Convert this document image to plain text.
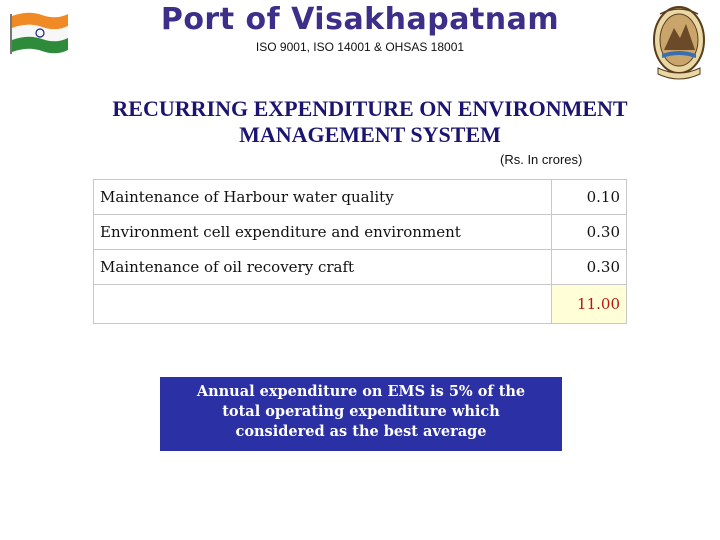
Port of Visakhapatnam
ISO 9001, ISO 14001 & OHSAS 18001
RECURRING EXPENDITURE ON ENVIRONMENT
MANAGEMENT SYSTEM
(Rs. In crores)
Maintenance of Harbour water quality	0.10
Environment cell expenditure and environment	0.30
Maintenance of oil recovery craft	0.30
	11.00
Annual expenditure on EMS is 5% of the
total operating expenditure which
considered as the best average
